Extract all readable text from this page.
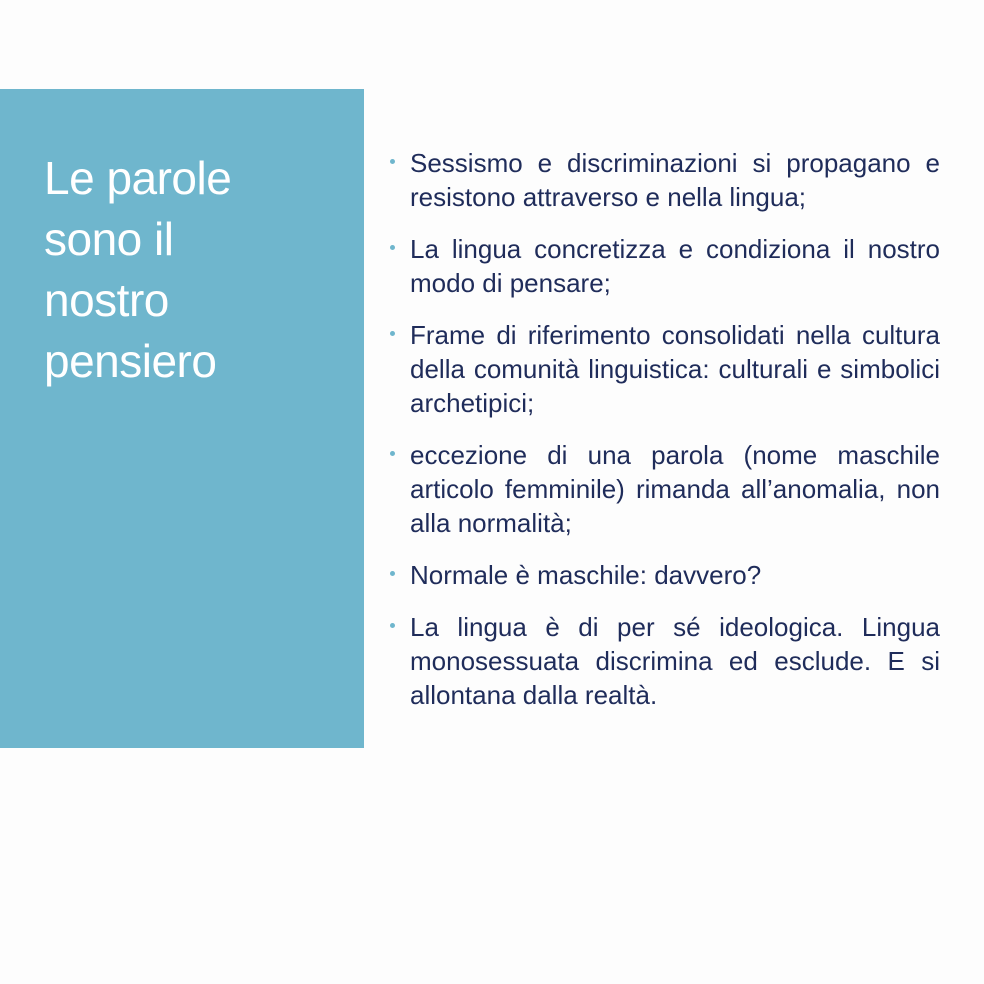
Le parole
sono il
nostro
pensiero
Sessismo e discriminazioni si propagano e resistono attraverso e nella lingua;
La lingua concretizza e condiziona il nostro modo di pensare;
Frame di riferimento consolidati nella cultura della comunità linguistica: culturali e simbolici archetipici;
eccezione di una parola (nome maschile articolo femminile) rimanda all’anomalia, non alla normalità;
Normale è maschile: davvero?
La lingua è di per sé ideologica. Lingua monosessuata discrimina ed esclude. E si allontana dalla realtà.
